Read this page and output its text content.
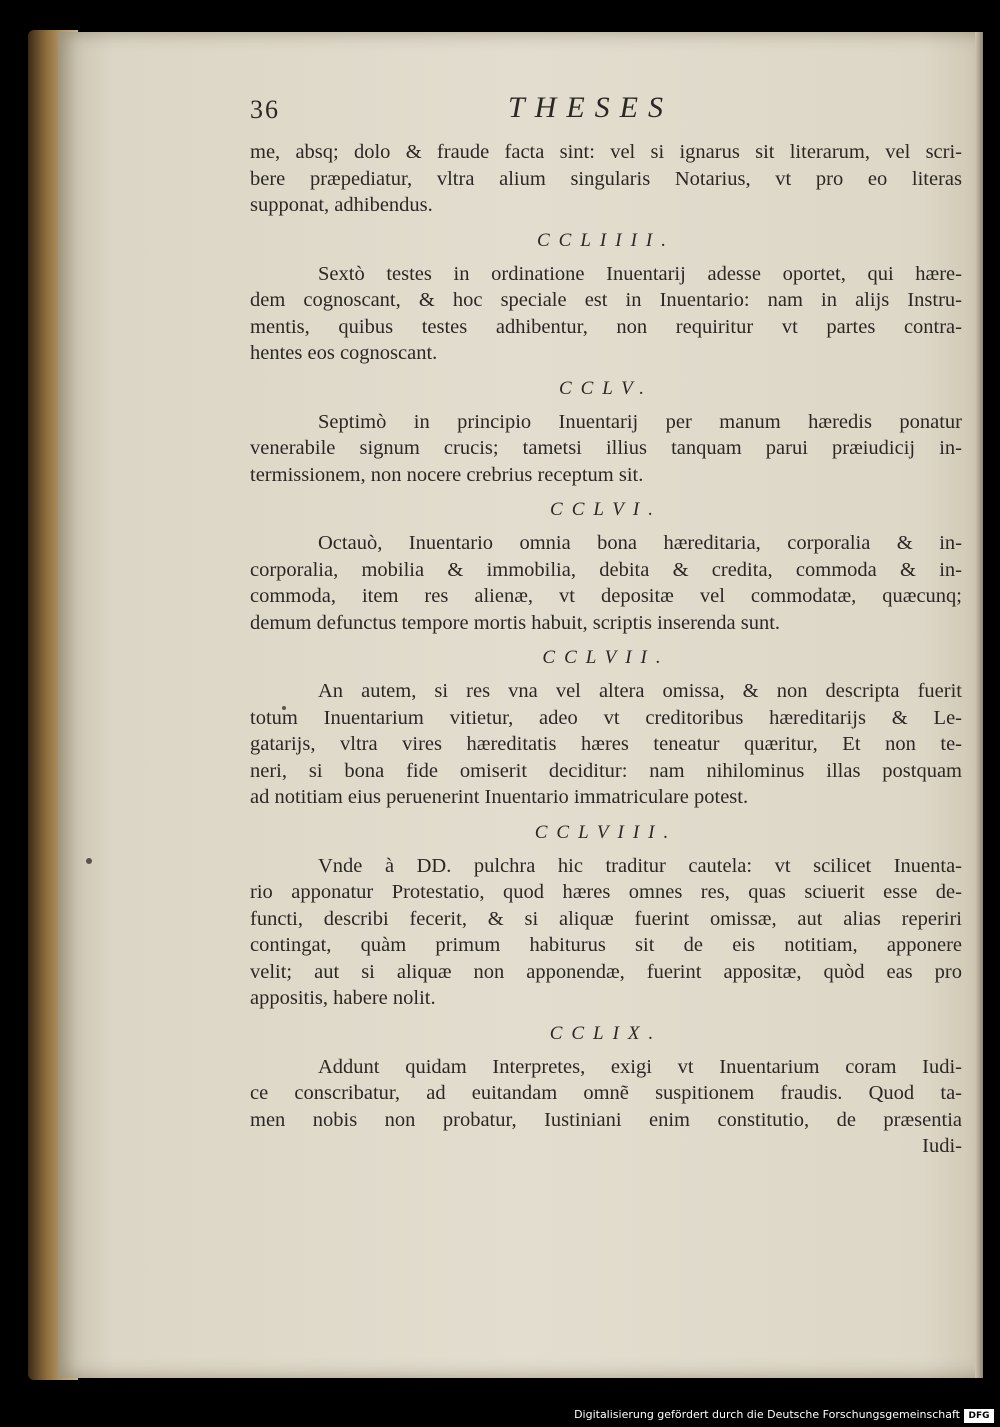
36	THESES

me, absq; dolo & fraude facta sint: vel si ignarus sit literarum, vel scri-
bere præpediatur, vltra alium singularis Notarius, vt pro eo literas
supponat, adhibendus.

CCLIIII.

Sextò testes in ordinatione Inuentarij adesse oportet, qui hære-
dem cognoscant, & hoc speciale est in Inuentario: nam in alijs Instru-
mentis, quibus testes adhibentur, non requiritur vt partes contra-
hentes eos cognoscant.

CCLV.

Septimò in principio Inuentarij per manum hæredis ponatur
venerabile signum crucis; tametsi illius tanquam parui præiudicij in-
termissionem, non nocere crebrius receptum sit.

CCLVI.

Octauò, Inuentario omnia bona hæreditaria, corporalia & in-
corporalia, mobilia & immobilia, debita & credita, commoda & in-
commoda, item res alienæ, vt depositæ vel commodatæ, quæcunq;
demum defunctus tempore mortis habuit, scriptis inserenda sunt.

CCLVII.

An autem, si res vna vel altera omissa, & non descripta fuerit
totum Inuentarium vitietur, adeo vt creditoribus hæreditarijs & Le-
gatarijs, vltra vires hæreditatis hæres teneatur quæritur, Et non te-
neri, si bona fide omiserit deciditur: nam nihilominus illas postquam
ad notitiam eius peruenerint Inuentario immatriculare potest.

CCLVIII.

Vnde à DD. pulchra hic traditur cautela: vt scilicet Inuenta-
rio apponatur Protestatio, quod hæres omnes res, quas sciuerit esse de-
functi, describi fecerit, & si aliquæ fuerint omissæ, aut alias reperiri
contingat, quàm primum habiturus sit de eis notitiam, apponere
velit; aut si aliquæ non apponendæ, fuerint appositæ, quòd eas pro
appositis, habere nolit.

CCLIX.

Addunt quidam Interpretes, exigi vt Inuentarium coram Iudi-
ce conscribatur, ad euitandam omnẽ suspitionem fraudis. Quod ta-
men nobis non probatur, Iustiniani enim constitutio, de præsentia

Iudi-
Digitalisierung gefördert durch die Deutsche Forschungsgemeinschaft DFG
